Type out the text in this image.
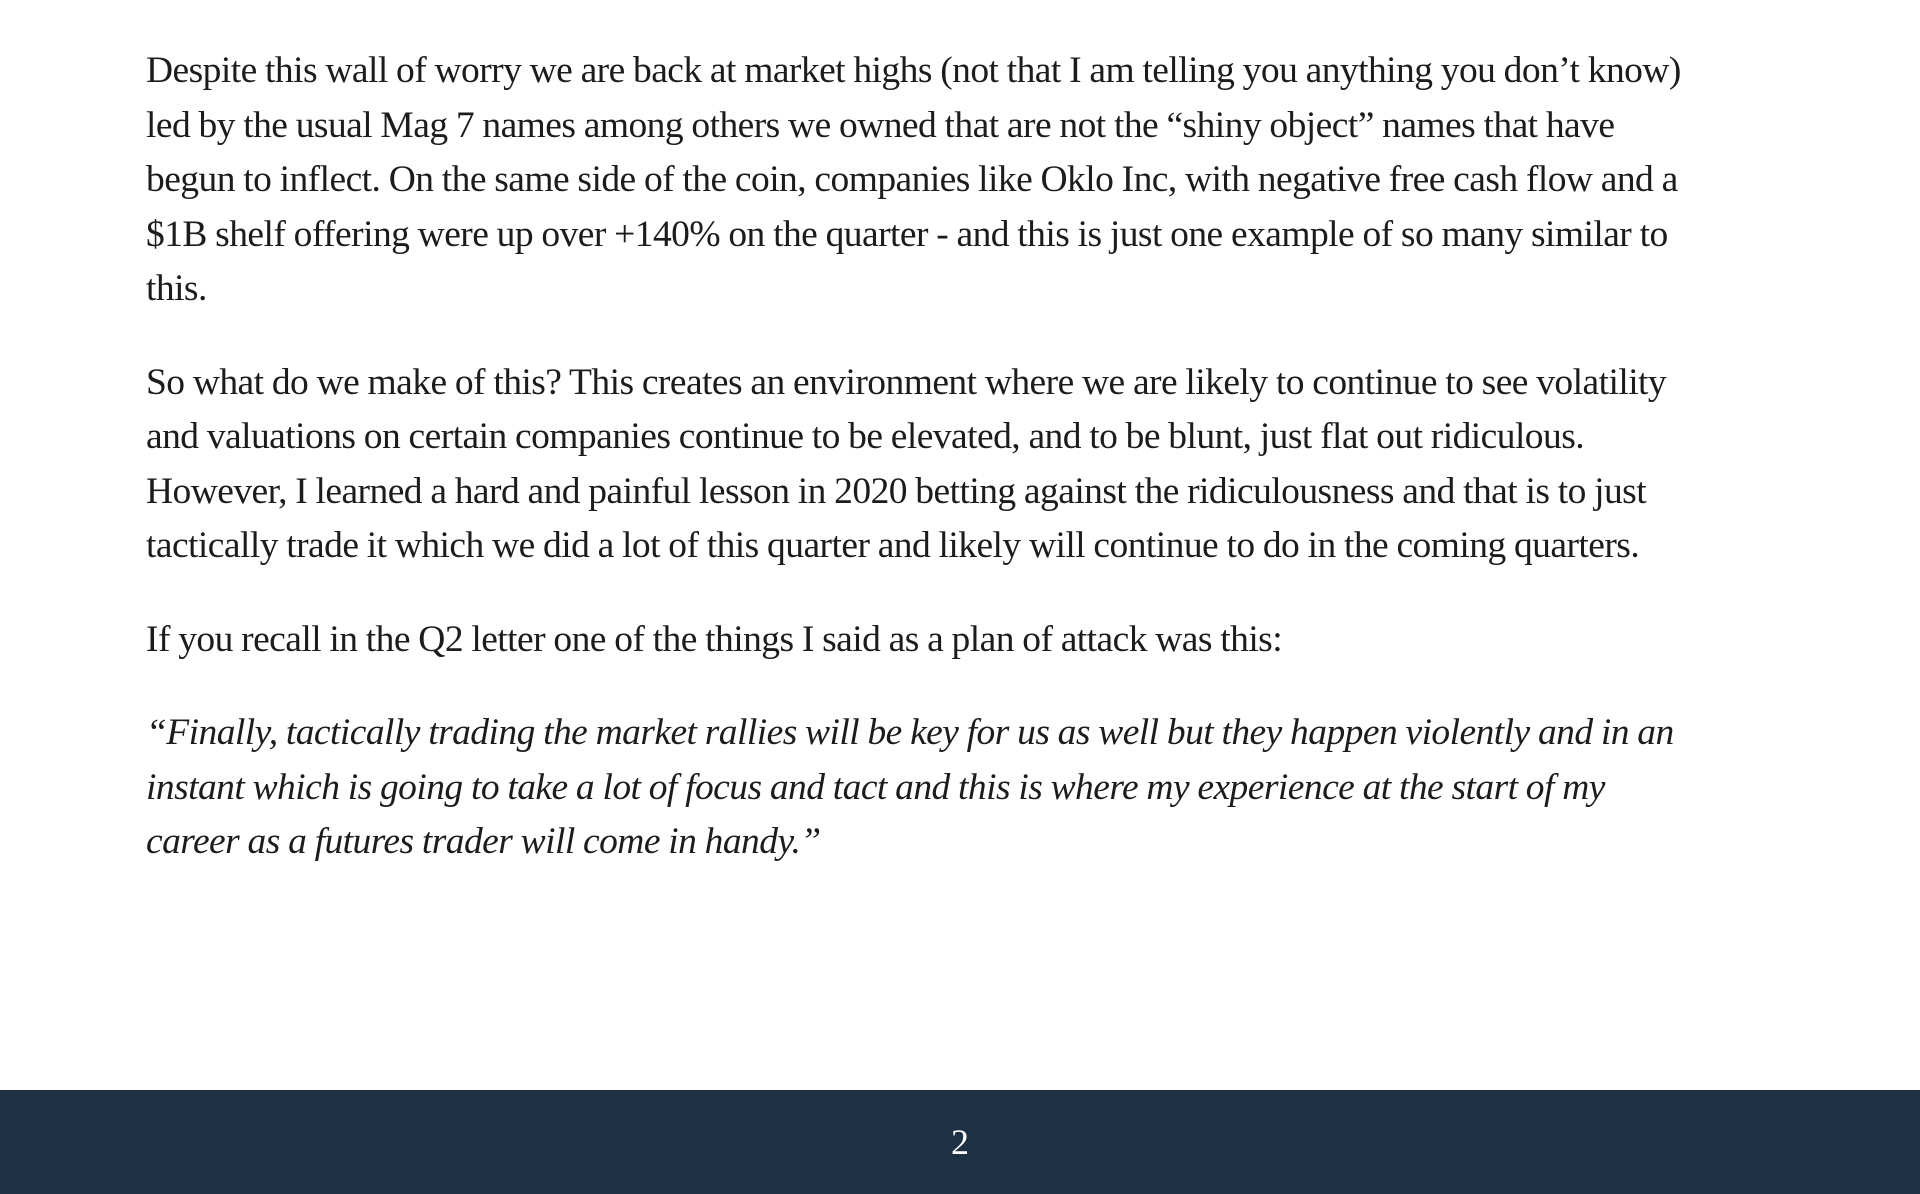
Despite this wall of worry we are back at market highs (not that I am telling you anything you don’t know) led by the usual Mag 7 names among others we owned that are not the “shiny object” names that have begun to inflect. On the same side of the coin, companies like Oklo Inc, with negative free cash flow and a $1B shelf offering were up over +140% on the quarter - and this is just one example of so many similar to this.

So what do we make of this? This creates an environment where we are likely to continue to see volatility and valuations on certain companies continue to be elevated, and to be blunt, just flat out ridiculous. However, I learned a hard and painful lesson in 2020 betting against the ridiculousness and that is to just tactically trade it which we did a lot of this quarter and likely will continue to do in the coming quarters.

If you recall in the Q2 letter one of the things I said as a plan of attack was this:

“Finally, tactically trading the market rallies will be key for us as well but they happen violently and in an instant which is going to take a lot of focus and tact and this is where my experience at the start of my career as a futures trader will come in handy.”

2
